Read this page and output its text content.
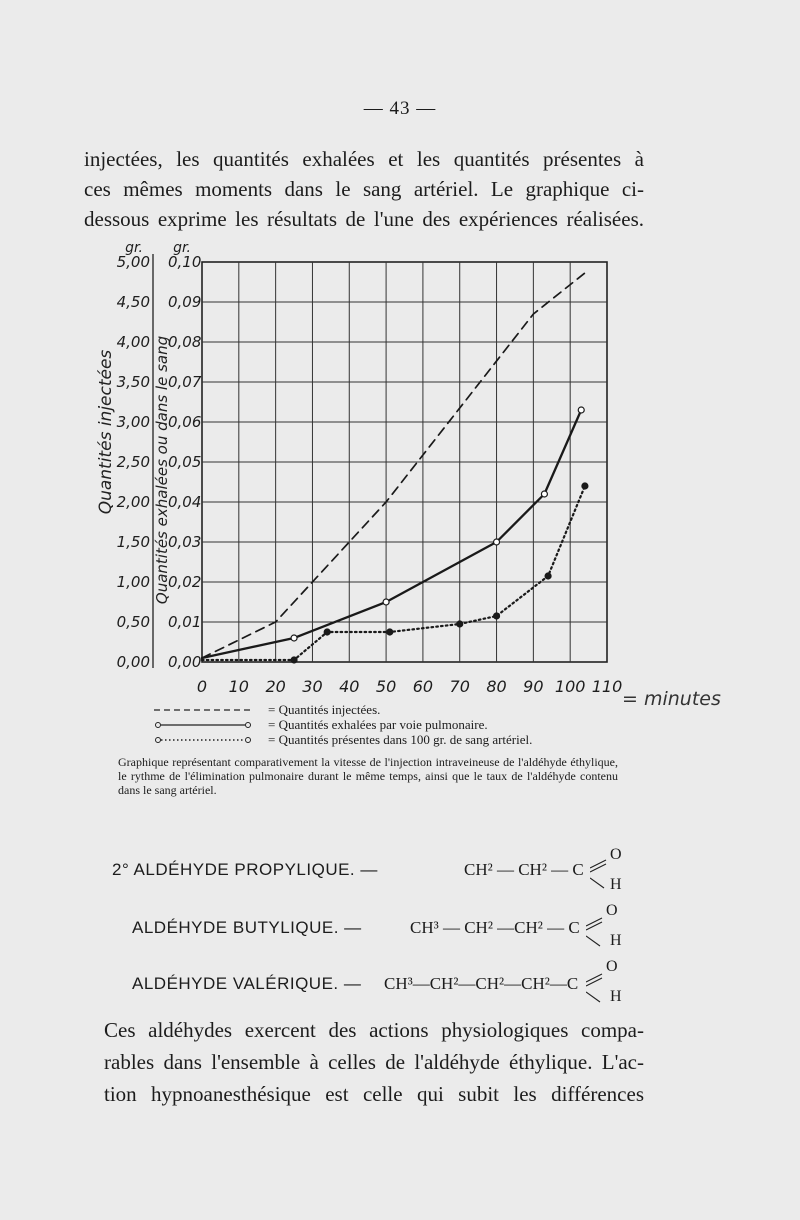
— 43 —
injectées, les quantités exhalées et les quantités présentes à
ces mêmes moments dans le sang artériel. Le graphique ci-
dessous exprime les résultats de l'une des expériences réalisées.
0,00
0,50
1,00
1,50
2,00
2,50
3,00
3,50
4,00
4,50
5,00
0,00
0,01
0,02
0,03
0,04
0,05
0,06
0,07
0,08
0,09
0,10
0 10 20 30 40 50 60 70 80 90 100 110
gr. gr.
Quantités injectées Quantités exhalées ou dans le sang
= minutes
= Quantités injectées.
= Quantités exhalées par voie pulmonaire.
= Quantités présentes dans 100 gr. de sang artériel.
Graphique représentant comparativement la vitesse de l'injection intraveineuse de l'aldéhyde éthylique, le rythme de l'élimination pulmonaire durant le même temps, ainsi que le taux de l'aldéhyde contenu dans le sang artériel.
2° ALDÉHYDE PROPYLIQUE. —	CH² — CH² — C
O
H
ALDÉHYDE BUTYLIQUE. —	CH³ — CH² —CH² — C
O
H
ALDÉHYDE VALÉRIQUE. — CH³—CH²—CH²—CH²—C
O
H
Ces aldéhydes exercent des actions physiologiques compa-
rables dans l'ensemble à celles de l'aldéhyde éthylique. L'ac-
tion hypnoanesthésique est celle qui subit les différences
